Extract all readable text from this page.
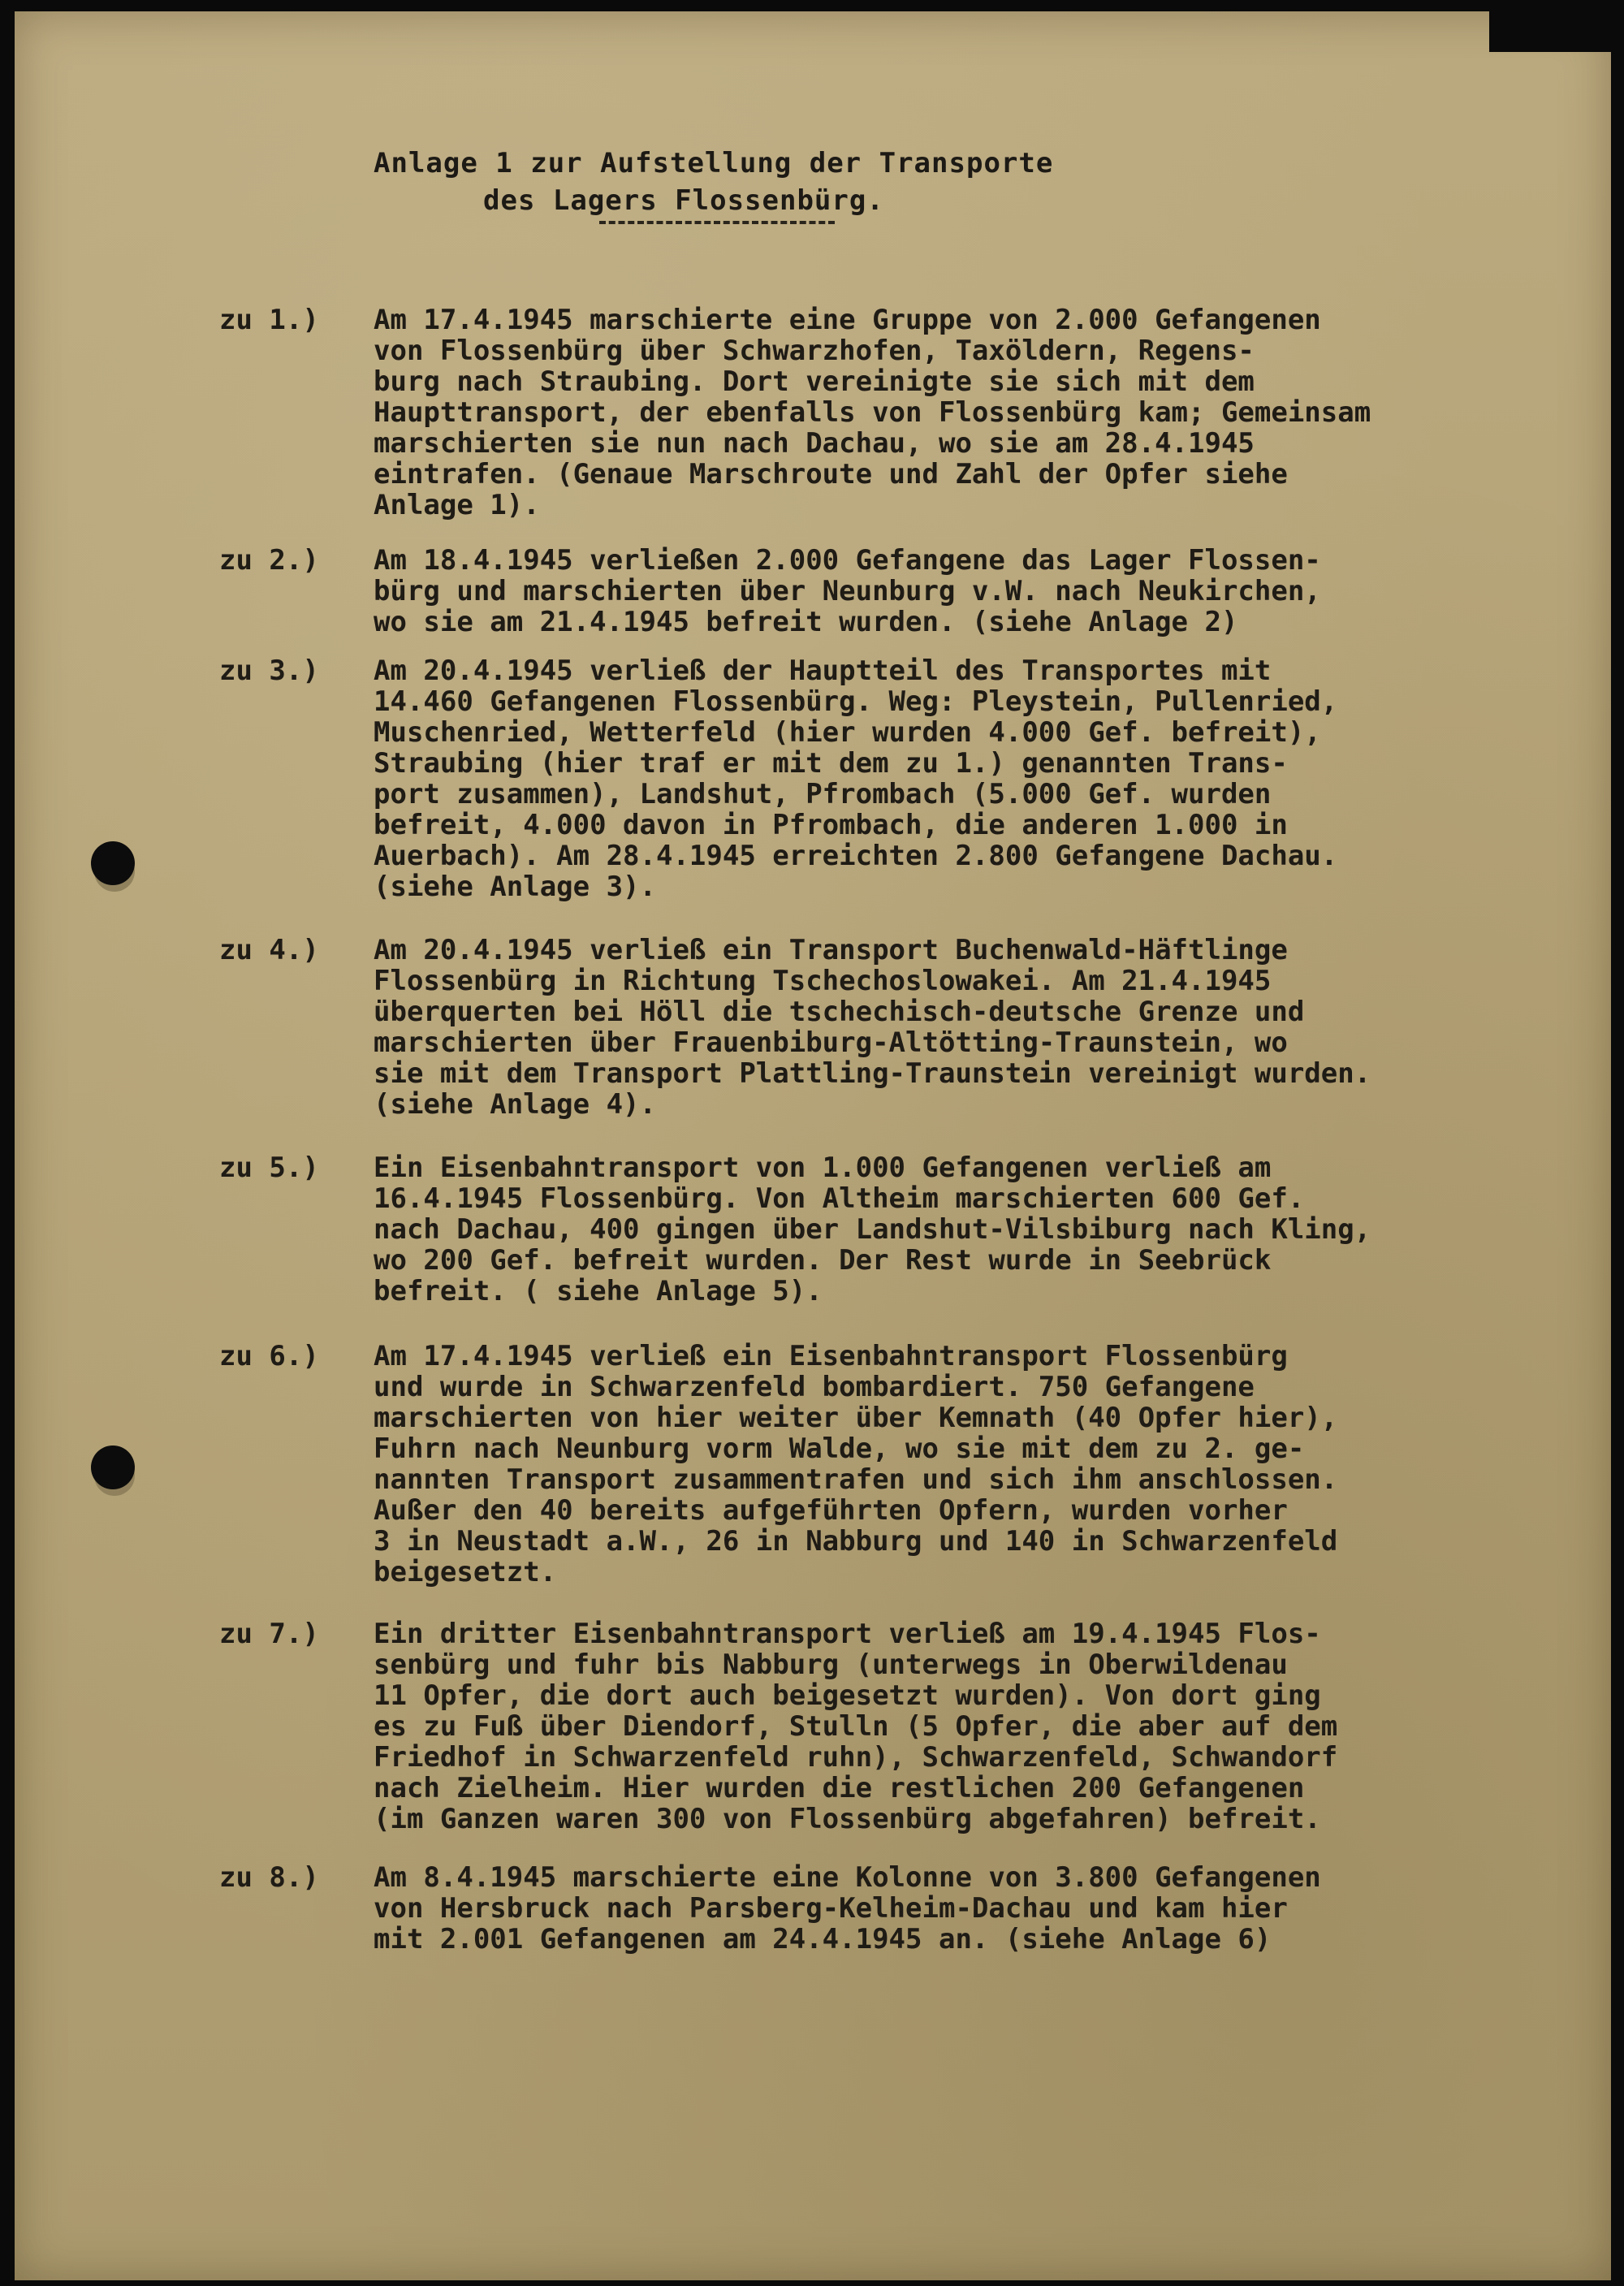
Anlage 1 zur Aufstellung der Transporte

des Lagers Flossenbürg.
zu 1.)	Am 17.4.1945 marschierte eine Gruppe von 2.000 Gefangenen
von Flossenbürg über Schwarzhofen, Taxöldern, Regens-
burg nach Straubing. Dort vereinigte sie sich mit dem
Haupttransport, der ebenfalls von Flossenbürg kam; Gemeinsam
marschierten sie nun nach Dachau, wo sie am 28.4.1945
eintrafen. (Genaue Marschroute und Zahl der Opfer siehe
Anlage 1).
zu 2.)	Am 18.4.1945 verließen 2.000 Gefangene das Lager Flossen-
bürg und marschierten über Neunburg v.W. nach Neukirchen,
wo sie am 21.4.1945 befreit wurden. (siehe Anlage 2)
zu 3.)	Am 20.4.1945 verließ der Hauptteil des Transportes mit
14.460 Gefangenen Flossenbürg. Weg: Pleystein, Pullenried,
Muschenried, Wetterfeld (hier wurden 4.000 Gef. befreit),
Straubing (hier traf er mit dem zu 1.) genannten Trans-
port zusammen), Landshut, Pfrombach (5.000 Gef. wurden
befreit, 4.000 davon in Pfrombach, die anderen 1.000 in
Auerbach). Am 28.4.1945 erreichten 2.800 Gefangene Dachau.
(siehe Anlage 3).
zu 4.)	Am 20.4.1945 verließ ein Transport Buchenwald-Häftlinge
Flossenbürg in Richtung Tschechoslowakei. Am 21.4.1945
überquerten bei Höll die tschechisch-deutsche Grenze und
marschierten über Frauenbiburg-Altötting-Traunstein, wo
sie mit dem Transport Plattling-Traunstein vereinigt wurden.
(siehe Anlage 4).
zu 5.)	Ein Eisenbahntransport von 1.000 Gefangenen verließ am
16.4.1945 Flossenbürg. Von Altheim marschierten 600 Gef.
nach Dachau, 400 gingen über Landshut-Vilsbiburg nach Kling,
wo 200 Gef. befreit wurden. Der Rest wurde in Seebrück
befreit. ( siehe Anlage 5).
zu 6.)	Am 17.4.1945 verließ ein Eisenbahntransport Flossenbürg
und wurde in Schwarzenfeld bombardiert. 750 Gefangene
marschierten von hier weiter über Kemnath (40 Opfer hier),
Fuhrn nach Neunburg vorm Walde, wo sie mit dem zu 2. ge-
nannten Transport zusammentrafen und sich ihm anschlossen.
Außer den 40 bereits aufgeführten Opfern, wurden vorher
3 in Neustadt a.W., 26 in Nabburg und 140 in Schwarzenfeld
beigesetzt.
zu 7.)	Ein dritter Eisenbahntransport verließ am 19.4.1945 Flos-
senbürg und fuhr bis Nabburg (unterwegs in Oberwildenau
11 Opfer, die dort auch beigesetzt wurden). Von dort ging
es zu Fuß über Diendorf, Stulln (5 Opfer, die aber auf dem
Friedhof in Schwarzenfeld ruhn), Schwarzenfeld, Schwandorf
nach Zielheim. Hier wurden die restlichen 200 Gefangenen
(im Ganzen waren 300 von Flossenbürg abgefahren) befreit.
zu 8.)	Am 8.4.1945 marschierte eine Kolonne von 3.800 Gefangenen
von Hersbruck nach Parsberg-Kelheim-Dachau und kam hier
mit 2.001 Gefangenen am 24.4.1945 an. (siehe Anlage 6)
